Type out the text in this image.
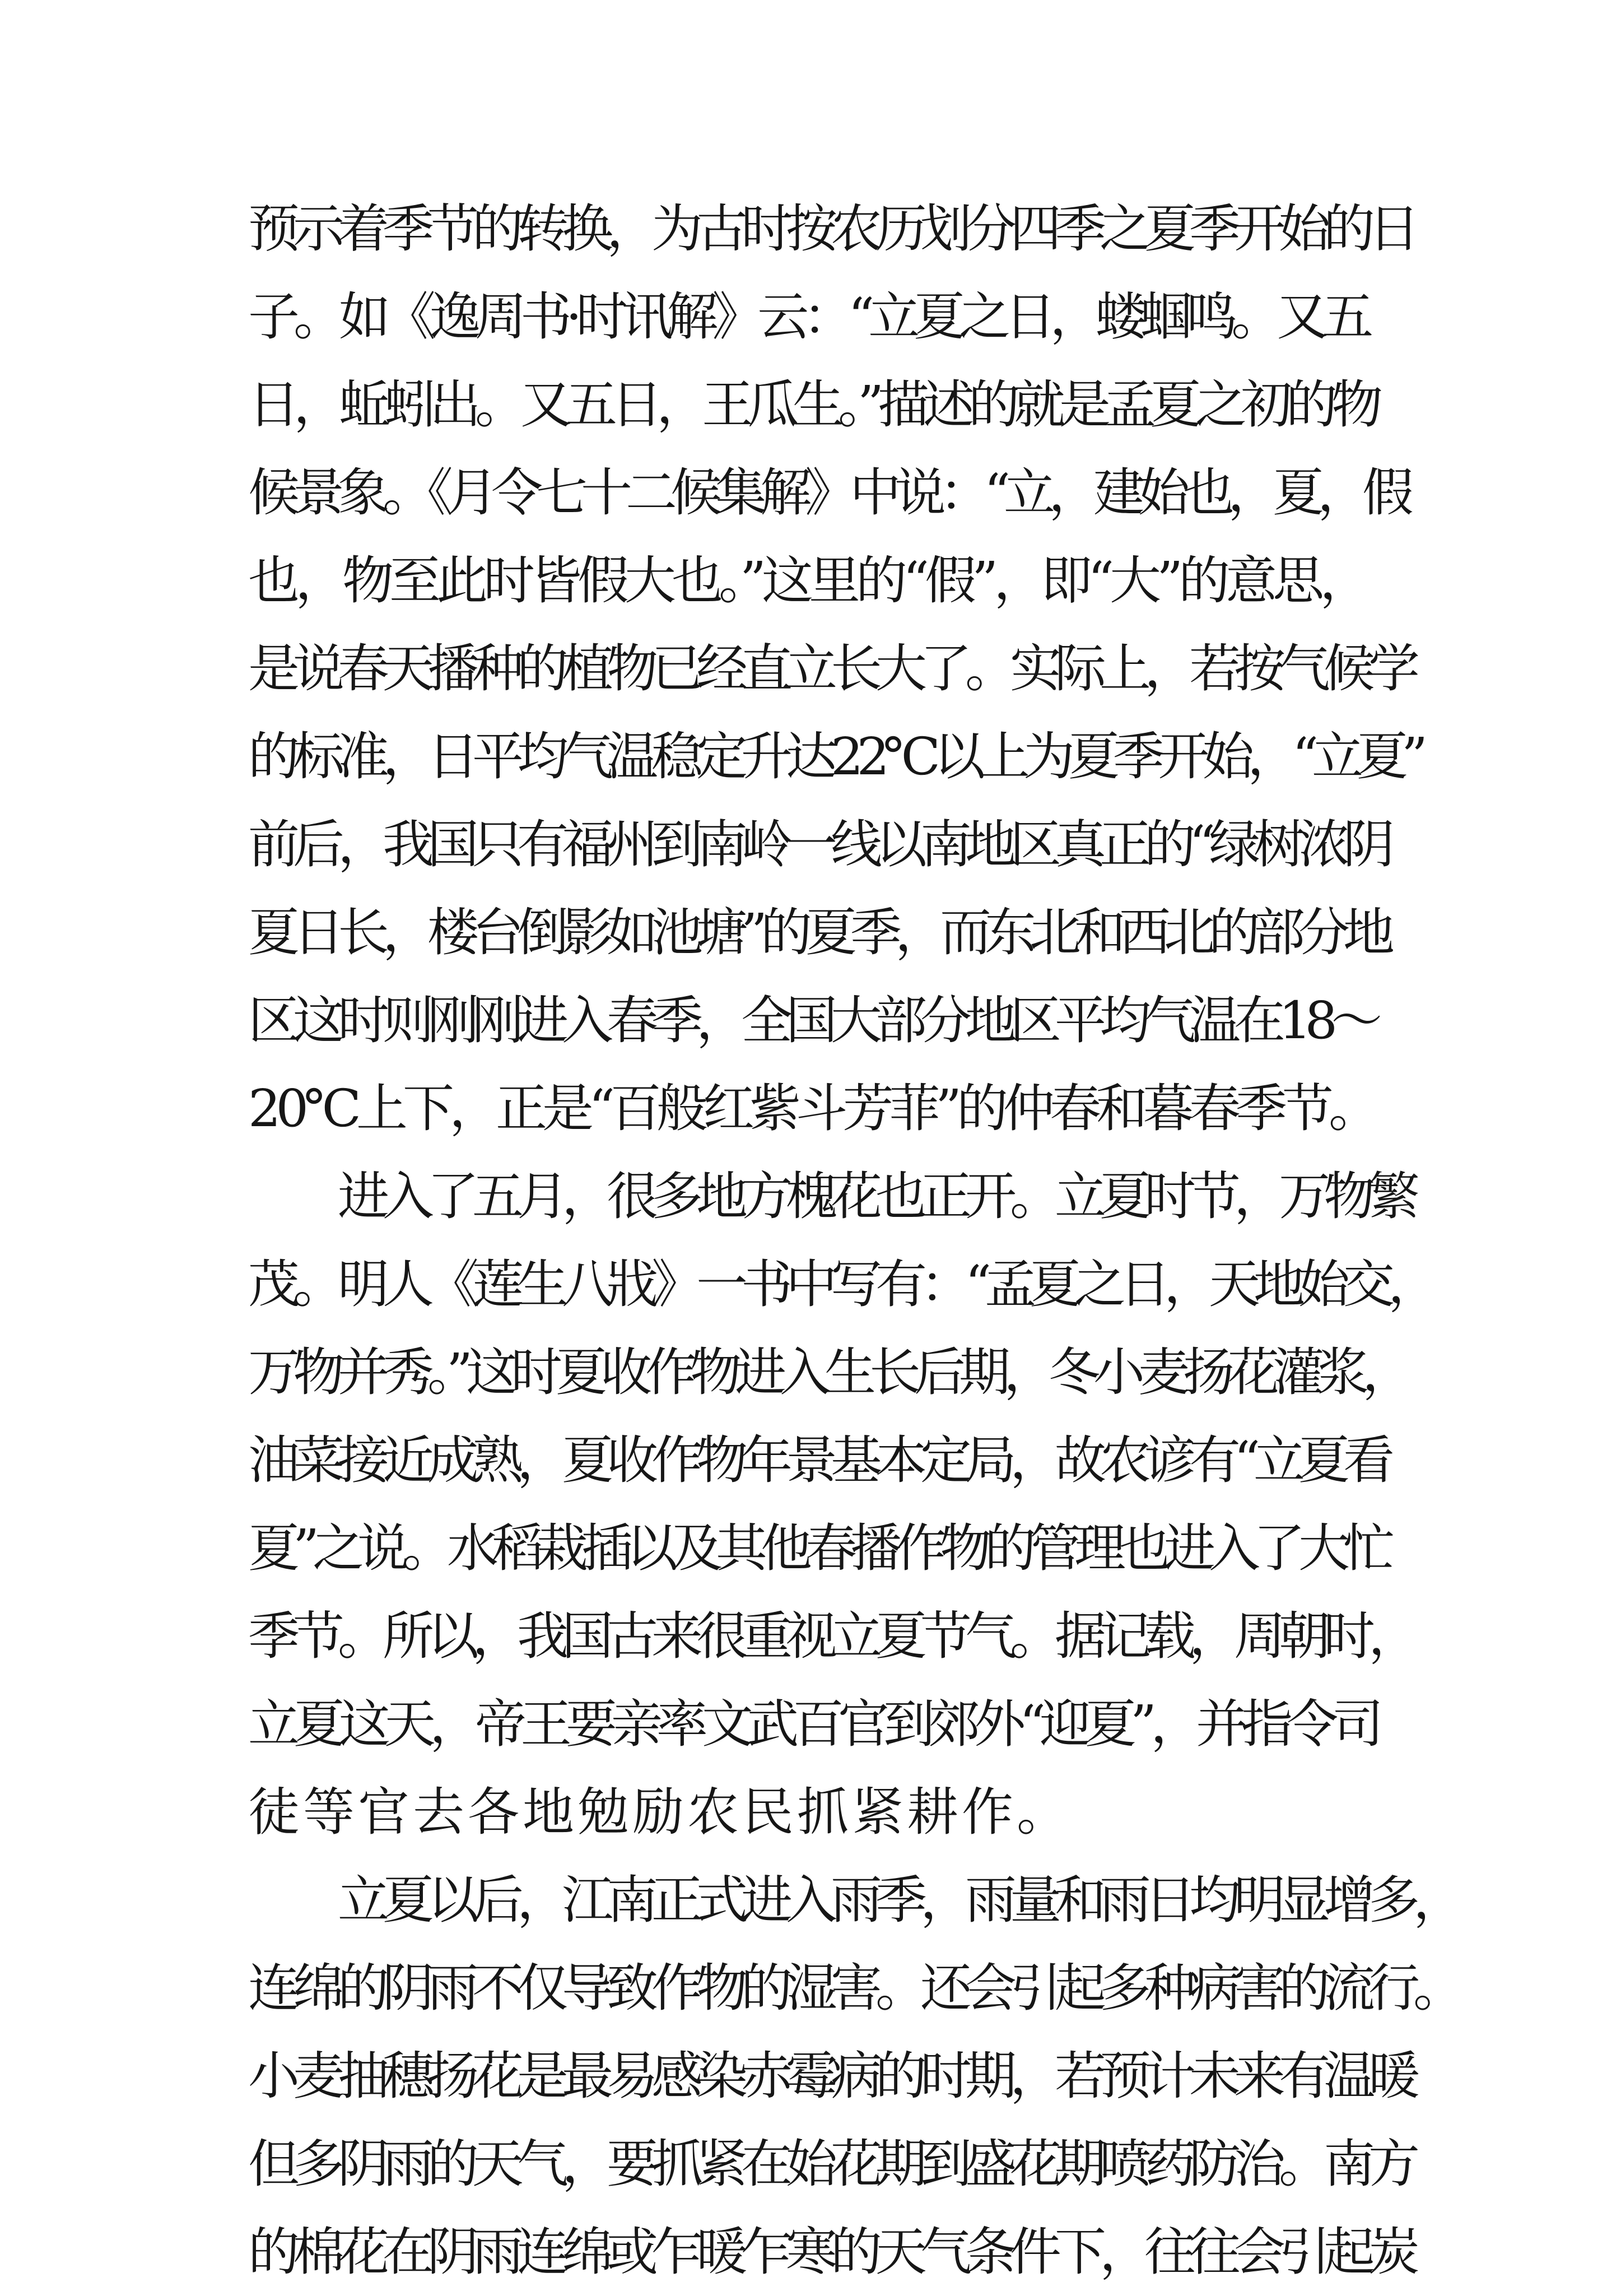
预示着季节的转换，为古时按农历划分四季之夏季开始的日
子。如《逸周书·时讯解》云：“立夏之日，蝼蝈鸣。又五
日，蚯蚓出。又五日，王瓜生。”描述的就是孟夏之初的物
候景象。《月令七十二候集解》中说：“立，建始也，夏，假
也，物至此时皆假大也。”这里的“假”，即“大”的意思，
是说春天播种的植物已经直立长大了。实际上，若按气候学
的标准，日平均气温稳定升达22℃以上为夏季开始，“立夏”
前后，我国只有福州到南岭一线以南地区真正的“绿树浓阴
夏日长，楼台倒影如池塘”的夏季，而东北和西北的部分地
区这时则刚刚进入春季，全国大部分地区平均气温在18～
20℃上下，正是“百般红紫斗芳菲”的仲春和暮春季节。

进入了五月，很多地方槐花也正开。立夏时节，万物繁
茂。明人《莲生八戕》一书中写有：“孟夏之日，天地始交，
万物并秀。”这时夏收作物进入生长后期，冬小麦扬花灌浆，
油菜接近成熟，夏收作物年景基本定局，故农谚有“立夏看
夏”之说。水稻栽插以及其他春播作物的管理也进入了大忙
季节。所以，我国古来很重视立夏节气。据记载，周朝时，
立夏这天，帝王要亲率文武百官到郊外“迎夏”，并指令司
徒等官去各地勉励农民抓紧耕作。

立夏以后，江南正式进入雨季，雨量和雨日均明显增多，
连绵的阴雨不仅导致作物的湿害。还会引起多种病害的流行。
小麦抽穗扬花是最易感染赤霉病的时期，若预计未来有温暖
但多阴雨的天气，要抓紧在始花期到盛花期喷药防治。南方
的棉花在阴雨连绵或乍暖乍寒的天气条件下，往往会引起炭
